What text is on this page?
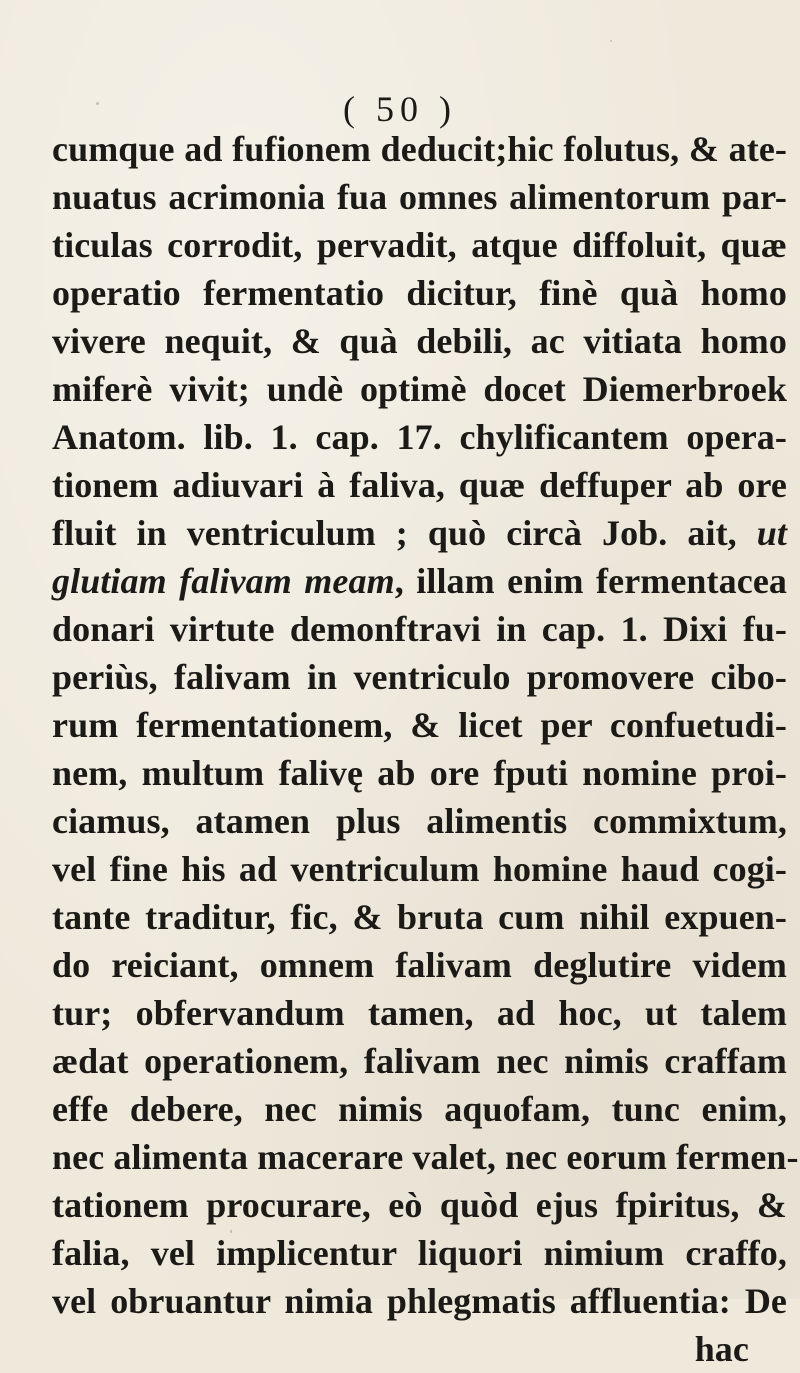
( 50 )
cumque ad fufionem deducit;hic folutus, & ate-
nuatus acrimonia fua omnes alimentorum par-
ticulas corrodit, pervadit, atque diffoluit, quæ
operatio fermentatio dicitur, finè quà homo
vivere nequit, & quà debili, ac vitiata homo
miferè vivit; undè optimè docet Diemerbroek
Anatom. lib. 1. cap. 17. chylificantem opera-
tionem adiuvari à faliva, quæ deffuper ab ore
fluit in ventriculum ; quò circà Job. ait, ut
glutiam falivam meam, illam enim fermentacea
donari virtute demonftravi in cap. 1. Dixi fu-
periùs, falivam in ventriculo promovere cibo-
rum fermentationem, & licet per confuetudi-
nem, multum falivę ab ore fputi nomine proi-
ciamus, atamen plus alimentis commixtum,
vel fine his ad ventriculum homine haud cogi-
tante traditur, fic, & bruta cum nihil expuen-
do reiciant, omnem falivam deglutire videm
tur; obfervandum tamen, ad hoc, ut talem
ædat operationem, falivam nec nimis craffam
effe debere, nec nimis aquofam, tunc enim,
nec alimenta macerare valet, nec eorum fermen-
tationem procurare, eò quòd ejus fpiritus, &
falia, vel implicentur liquori nimium craffo,
vel obruantur nimia phlegmatis affluentia: De
hac
